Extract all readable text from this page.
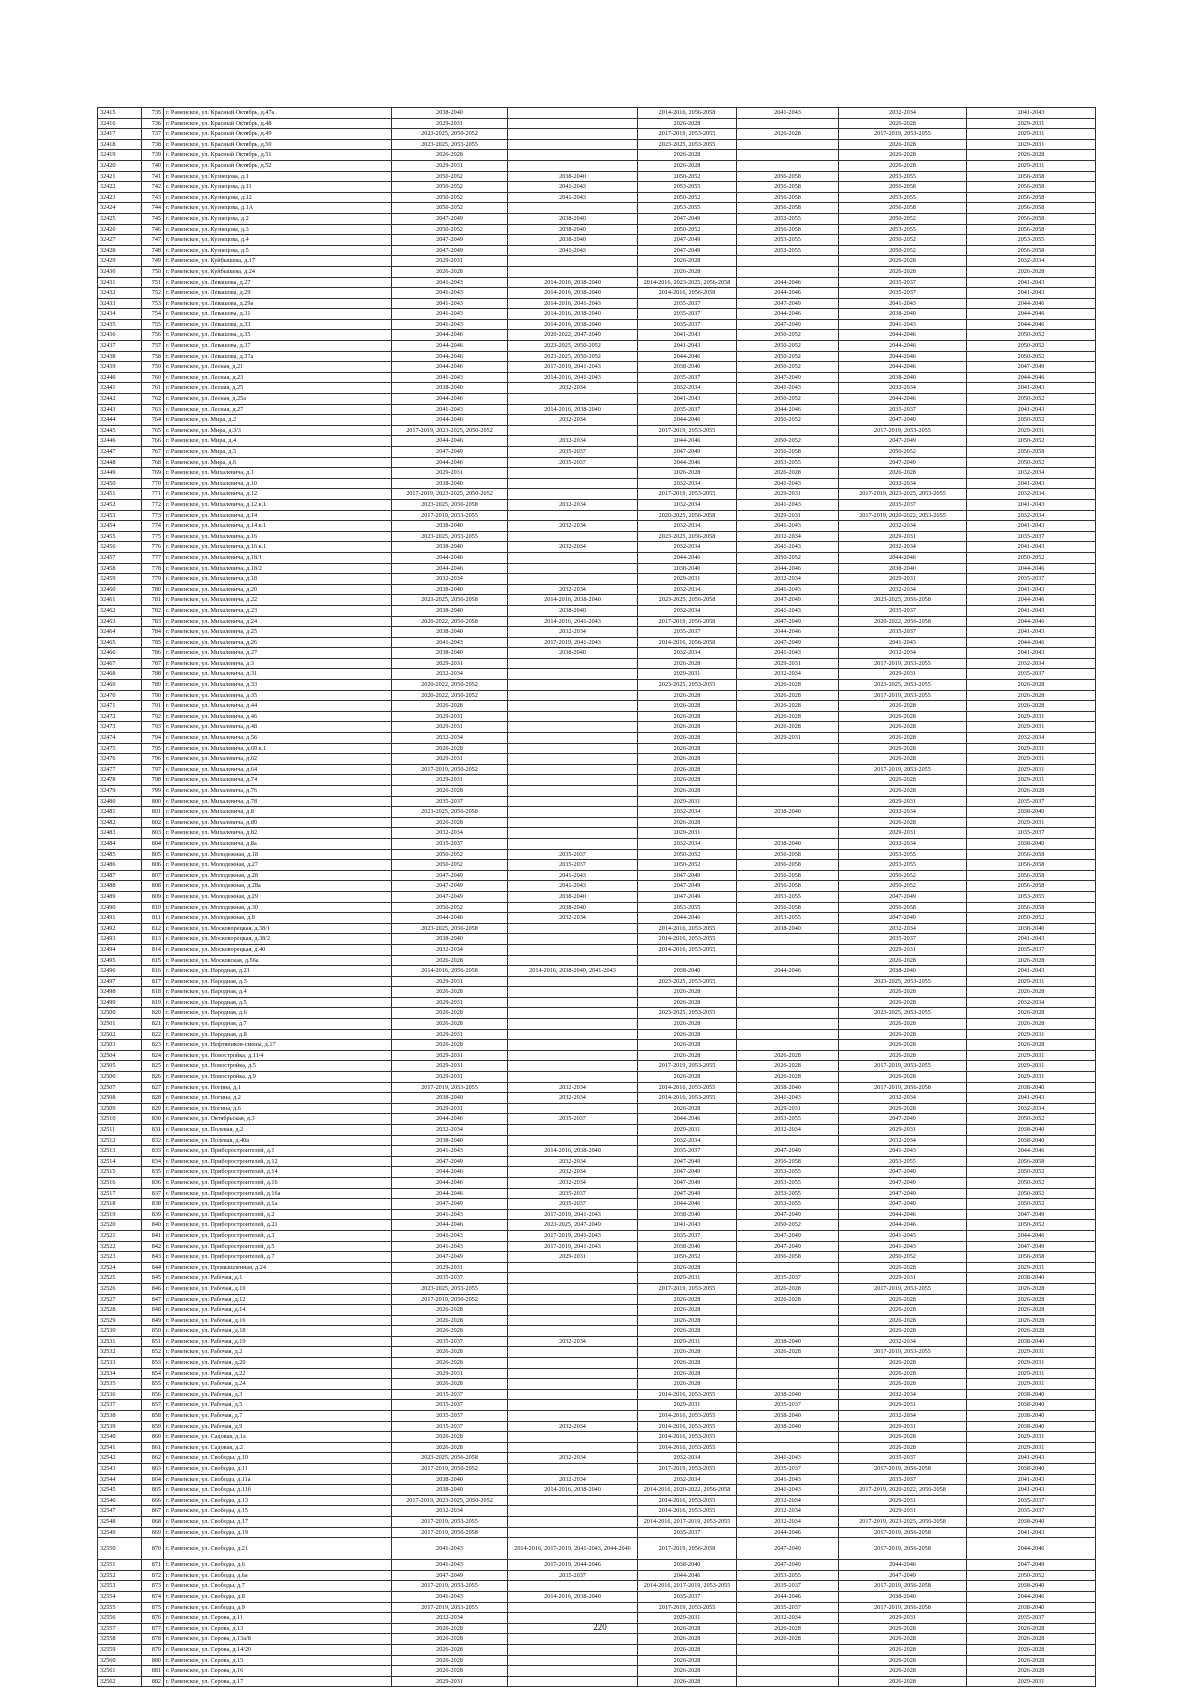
32415	735	г. Раменское, ул. Красный Октябрь, д.47а	2038-2040		2014-2016, 2056-2058	2041-2043	2032-2034	2041-2043
32416	736	г. Раменское, ул. Красный Октябрь, д.48	2029-2031		2026-2028		2026-2028	2029-2031
32417	737	г. Раменское, ул. Красный Октябрь, д.49	2023-2025, 2050-2052		2017-2019, 2053-2055	2026-2028	2017-2019, 2053-2055	2029-2031
32418	738	г. Раменское, ул. Красный Октябрь, д.50	2023-2025, 2053-2055		2023-2025, 2053-2055		2026-2028	2029-2031
32419	739	г. Раменское, ул. Красный Октябрь, д.51	2026-2028		2026-2028		2026-2028	2026-2028
32420	740	г. Раменское, ул. Красный Октябрь, д.52	2029-2031		2026-2028		2026-2028	2029-2031
32421	741	г. Раменское, ул. Кузнецова, д.1	2050-2052	2038-2040	2050-2052	2056-2058	2053-2055	2056-2058
32422	742	г. Раменское, ул. Кузнецова, д.11	2050-2052	2041-2043	2053-2055	2056-2058	2056-2058	2056-2058
32423	743	г. Раменское, ул. Кузнецова, д.12	2050-2052	2041-2043	2050-2052	2056-2058	2053-2055	2056-2058
32424	744	г. Раменское, ул. Кузнецова, д.1А	2050-2052		2053-2055	2056-2058	2056-2058	2056-2058
32425	745	г. Раменское, ул. Кузнецова, д.2	2047-2049	2038-2040	2047-2049	2053-2055	2050-2052	2056-2058
32426	746	г. Раменское, ул. Кузнецова, д.3	2050-2052	2038-2040	2050-2052	2056-2058	2053-2055	2056-2058
32427	747	г. Раменское, ул. Кузнецова, д.4	2047-2049	2038-2040	2047-2049	2053-2055	2050-2052	2053-2055
32428	748	г. Раменское, ул. Кузнецова, д.5	2047-2049	2041-2043	2047-2049	2053-2055	2050-2052	2056-2058
32429	749	г. Раменское, ул. Куйбышева, д.17	2029-2031		2026-2028		2026-2028	2032-2034
32430	750	г. Раменское, ул. Куйбышева, д.24	2026-2028		2026-2028		2026-2028	2026-2028
32431	751	г. Раменское, ул. Левашова, д.27	2041-2043	2014-2016, 2038-2040	2014-2016, 2023-2025, 2056-2058	2044-2046	2035-2037	2041-2043
32432	752	г. Раменское, ул. Левашова, д.29	2041-2043	2014-2016, 2038-2040	2014-2016, 2056-2058	2044-2046	2035-2037	2041-2043
32433	753	г. Раменское, ул. Левашова, д.29а	2041-2043	2014-2016, 2041-2043	2035-2037	2047-2049	2041-2043	2044-2046
32434	754	г. Раменское, ул. Левашова, д.31	2041-2043	2014-2016, 2038-2040	2035-2037	2044-2046	2038-2040	2044-2046
32435	755	г. Раменское, ул. Левашова, д.33	2041-2043	2014-2016, 2038-2040	2035-2037	2047-2049	2041-2043	2044-2046
32436	756	г. Раменское, ул. Левашова, д.35	2044-2046	2020-2022, 2047-2049	2041-2043	2050-2052	2044-2046	2050-2052
32437	757	г. Раменское, ул. Левашова, д.37	2044-2046	2023-2025, 2050-2052	2041-2043	2050-2052	2044-2046	2050-2052
32438	758	г. Раменское, ул. Левашова, д.37а	2044-2046	2023-2025, 2050-2052	2044-2046	2050-2052	2044-2046	2050-2052
32439	759	г. Раменское, ул. Лесная, д.21	2044-2046	2017-2019, 2041-2043	2038-2040	2050-2052	2044-2046	2047-2049
32440	760	г. Раменское, ул. Лесная, д.23	2041-2043	2014-2016, 2041-2043	2035-2037	2047-2049	2038-2040	2044-2046
32441	761	г. Раменское, ул. Лесная, д.25	2038-2040	2032-2034	2032-2034	2041-2043	2032-2034	2041-2043
32442	762	г. Раменское, ул. Лесная, д.25а	2044-2046		2041-2043	2050-2052	2044-2046	2050-2052
32443	763	г. Раменское, ул. Лесная, д.27	2041-2043	2014-2016, 2038-2040	2035-2037	2044-2046	2035-2037	2041-2043
32444	764	г. Раменское, ул. Мира, д.2	2044-2046	2032-2034	2044-2046	2050-2052	2047-2049	2050-2052
32445	765	г. Раменское, ул. Мира, д.3/3	2017-2019, 2023-2025, 2050-2052		2017-2019, 2053-2055		2017-2019, 2053-2055	2029-2031
32446	766	г. Раменское, ул. Мира, д.4	2044-2046	2032-2034	2044-2046	2050-2052	2047-2049	2050-2052
32447	767	г. Раменское, ул. Мира, д.5	2047-2049	2035-2037	2047-2049	2056-2058	2050-2052	2056-2058
32448	768	г. Раменское, ул. Мира, д.6	2044-2046	2035-2037	2044-2046	2053-2055	2047-2049	2050-2052
32449	769	г. Раменское, ул. Михалевича, д.1	2029-2031		2026-2028	2026-2028	2026-2028	2032-2034
32450	770	г. Раменское, ул. Михалевича, д.10	2038-2040		2032-2034	2041-2043	2032-2034	2041-2043
32451	771	г. Раменское, ул. Михалевича, д.12	2017-2019, 2023-2025, 2050-2052		2017-2019, 2053-2055	2029-2031	2017-2019, 2023-2025, 2053-2055	2032-2034
32452	772	г. Раменское, ул. Михалевича, д.12 к.1	2023-2025, 2056-2058	2032-2034	2032-2034	2041-2043	2035-2037	2041-2043
32453	773	г. Раменское, ул. Михалевича, д.14	2017-2019, 2053-2055		2020-2025, 2056-2058	2029-2031	2017-2019, 2020-2022, 2053-2055	2032-2034
32454	774	г. Раменское, ул. Михалевича, д.14 к.1	2038-2040	2032-2034	2032-2034	2041-2043	2032-2034	2041-2043
32455	775	г. Раменское, ул. Михалевича, д.16	2023-2025, 2053-2055		2023-2025, 2056-2058	2032-2034	2029-2031	2035-2037
32456	776	г. Раменское, ул. Михалевича, д.16 к.1	2038-2040	2032-2034	2032-2034	2041-2043	2032-2034	2041-2043
32457	777	г. Раменское, ул. Михалевича, д.18/1	2044-2046		2044-2046	2050-2052	2044-2046	2050-2052
32458	778	г. Раменское, ул. Михалевича, д.18/2	2044-2046		2038-2040	2044-2046	2038-2040	2044-2046
32459	779	г. Раменское, ул. Михалевича, д.18	2032-2034		2029-2031	2032-2034	2029-2031	2035-2037
32460	780	г. Раменское, ул. Михалевича, д.20	2038-2040	2032-2034	2032-2034	2041-2043	2032-2034	2041-2043
32461	781	г. Раменское, ул. Михалевича, д.22	2023-2025, 2056-2058	2014-2016, 2038-2040	2023-2025, 2056-2058	2047-2049	2023-2025, 2056-2058	2044-2046
32462	782	г. Раменское, ул. Михалевича, д.23	2038-2040	2038-2040	2032-2034	2041-2043	2035-2037	2041-2043
32463	783	г. Раменское, ул. Михалевича, д.24	2020-2022, 2056-2058	2014-2016, 2041-2043	2017-2019, 2056-2058	2047-2049	2020-2022, 2056-2058	2044-2046
32464	784	г. Раменское, ул. Михалевича, д.25	2038-2040	2032-2034	2035-2037	2044-2046	2035-2037	2041-2043
32465	785	г. Раменское, ул. Михалевича, д.26	2041-2043	2017-2019, 2041-2043	2014-2016, 2056-2058	2047-2049	2041-2043	2044-2046
32466	786	г. Раменское, ул. Михалевича, д.27	2038-2040	2038-2040	2032-2034	2041-2043	2032-2034	2041-2043
32467	787	г. Раменское, ул. Михалевича, д.3	2029-2031		2026-2028	2029-2031	2017-2019, 2053-2055	2032-2034
32468	788	г. Раменское, ул. Михалевича, д.31	2032-2034		2029-2031	2032-2034	2029-2031	2035-2037
32469	789	г. Раменское, ул. Михалевича, д.33	2020-2022, 2050-2052		2023-2025, 2053-2055	2026-2028	2023-2025, 2053-2055	2026-2028
32470	790	г. Раменское, ул. Михалевича, д.35	2020-2022, 2050-2052		2026-2028	2026-2028	2017-2019, 2053-2055	2026-2028
32471	791	г. Раменское, ул. Михалевича, д.44	2026-2028		2026-2028	2026-2028	2026-2028	2026-2028
32472	792	г. Раменское, ул. Михалевича, д.46	2029-2031		2026-2028	2026-2028	2026-2028	2029-2031
32473	793	г. Раменское, ул. Михалевича, д.48	2029-2031		2026-2028	2026-2028	2026-2028	2029-2031
32474	794	г. Раменское, ул. Михалевича, д.56	2032-2034		2026-2028	2029-2031	2026-2028	2032-2034
32475	795	г. Раменское, ул. Михалевича, д.60 к.1	2026-2028		2026-2028		2026-2028	2029-2031
32476	796	г. Раменское, ул. Михалевича, д.62	2029-2031		2026-2028		2026-2028	2029-2031
32477	797	г. Раменское, ул. Михалевича, д.64	2017-2019, 2050-2052		2026-2028		2017-2019, 2053-2055	2029-2031
32478	798	г. Раменское, ул. Михалевича, д.74	2029-2031		2026-2028		2026-2028	2029-2031
32479	799	г. Раменское, ул. Михалевича, д.76	2026-2028		2026-2028		2026-2028	2026-2028
32480	800	г. Раменское, ул. Михалевича, д.78	2035-2037		2029-2031		2029-2031	2035-2037
32481	801	г. Раменское, ул. Михалевича, д.8	2023-2025, 2056-2058		2032-2034	2038-2040	2032-2034	2038-2040
32482	802	г. Раменское, ул. Михалевича, д.80	2026-2028		2026-2028		2026-2028	2029-2031
32483	803	г. Раменское, ул. Михалевича, д.82	2032-2034		2029-2031		2029-2031	2035-2037
32484	804	г. Раменское, ул. Михалевича, д.8а	2035-2037		2032-2034	2038-2040	2032-2034	2038-2040
32485	805	г. Раменское, ул. Молодежная, д.18	2050-2052	2035-2037	2050-2052	2056-2058	2053-2055	2056-2058
32486	806	г. Раменское, ул. Молодежная, д.27	2050-2052	2035-2037	2050-2052	2056-2058	2053-2055	2056-2058
32487	807	г. Раменское, ул. Молодежная, д.28	2047-2049	2041-2043	2047-2049	2056-2058	2050-2052	2056-2058
32488	808	г. Раменское, ул. Молодежная, д.28а	2047-2049	2041-2043	2047-2049	2056-2058	2050-2052	2056-2058
32489	809	г. Раменское, ул. Молодежная, д.29	2047-2049	2038-2040	2047-2049	2053-2055	2047-2049	2053-2055
32490	810	г. Раменское, ул. Молодежная, д.30	2050-2052	2038-2040	2053-2055	2056-2058	2056-2058	2056-2058
32491	811	г. Раменское, ул. Молодежная, д.8	2044-2046	2032-2034	2044-2046	2053-2055	2047-2049	2050-2052
32492	812	г. Раменское, ул. Московорецкая, д.38/1	2023-2025, 2056-2058		2014-2016, 2053-2055	2038-2040	2032-2034	2038-2040
32493	813	г. Раменское, ул. Московорецкая, д.38/2	2038-2040		2014-2016, 2053-2055		2035-2037	2041-2043
32494	814	г. Раменское, ул. Московорецкая, д.40	2032-2034		2014-2016, 2053-2055		2029-2031	2035-2037
32495	815	г. Раменское, ул. Московская, д.56а	2026-2028				2026-2028	2026-2028
32496	816	г. Раменское, ул. Народная, д.21	2014-2016, 2056-2058	2014-2016, 2038-2040, 2041-2043	2038-2040	2044-2046	2038-2040	2041-2043
32497	817	г. Раменское, ул. Народная, д.3	2029-2031		2023-2025, 2053-2055		2023-2025, 2053-2055	2029-2031
32498	818	г. Раменское, ул. Народная, д.4	2026-2028		2026-2028		2026-2028	2026-2028
32499	819	г. Раменское, ул. Народная, д.5	2029-2031		2026-2028		2026-2028	2032-2034
32500	820	г. Раменское, ул. Народная, д.6	2026-2028		2023-2025, 2053-2055		2023-2025, 2053-2055	2026-2028
32501	821	г. Раменское, ул. Народная, д.7	2026-2028		2026-2028		2026-2028	2026-2028
32502	822	г. Раменское, ул. Народная, д.8	2029-2031		2026-2028		2026-2028	2029-2031
32503	823	г. Раменское, ул. Нефтяников-смены, д.17	2026-2028		2026-2028		2026-2028	2026-2028
32504	824	г. Раменское, ул. Новостройка, д.11/4	2029-2031		2026-2028	2026-2028	2026-2028	2029-2031
32505	825	г. Раменское, ул. Новостройка, д.5	2029-2031		2017-2019, 2053-2055	2026-2028	2017-2019, 2053-2055	2029-2031
32506	826	г. Раменское, ул. Новостройка, д.9	2029-2031		2026-2028	2026-2028	2026-2028	2029-2031
32507	827	г. Раменское, ул. Ногина, д.1	2017-2019, 2053-2055	2032-2034	2014-2016, 2053-2055	2038-2040	2017-2019, 2056-2058	2038-2040
32508	828	г. Раменское, ул. Ногина, д.2	2038-2040	2032-2034	2014-2016, 2053-2055	2041-2043	2032-2034	2041-2043
32509	829	г. Раменское, ул. Ногина, д.6	2029-2031		2026-2028	2029-2031	2026-2028	2032-2034
32510	830	г. Раменское, ул. Октябрьская, д.3	2044-2046	2035-2037	2044-2046	2053-2055	2047-2049	2050-2052
32511	831	г. Раменское, ул. Полевая, д.2	2032-2034		2029-2031	2032-2034	2029-2031	2038-2040
32512	832	г. Раменское, ул. Полевая, д.40а	2038-2040		2032-2034		2032-2034	2038-2040
32513	833	г. Раменское, ул. Приборостроителей, д.1	2041-2043	2014-2016, 2038-2040	2035-2037	2047-2049	2041-2043	2044-2046
32514	834	г. Раменское, ул. Приборостроителей, д.12	2047-2049	2032-2034	2047-2049	2056-2058	2053-2055	2056-2058
32515	835	г. Раменское, ул. Приборостроителей, д.14	2044-2046	2032-2034	2047-2049	2053-2055	2047-2049	2050-2052
32516	836	г. Раменское, ул. Приборостроителей, д.16	2044-2046	2032-2034	2047-2049	2053-2055	2047-2049	2050-2052
32517	837	г. Раменское, ул. Приборостроителей, д.16а	2044-2046	2035-2037	2047-2049	2053-2055	2047-2049	2050-2052
32518	838	г. Раменское, ул. Приборостроителей, д.1а	2047-2049	2035-2037	2044-2046	2053-2055	2047-2049	2050-2052
32519	839	г. Раменское, ул. Приборостроителей, д.2	2041-2043	2017-2019, 2041-2043	2038-2040	2047-2049	2044-2046	2047-2049
32520	840	г. Раменское, ул. Приборостроителей, д.21	2044-2046	2023-2025, 2047-2049	2041-2043	2050-2052	2044-2046	2050-2052
32521	841	г. Раменское, ул. Приборостроителей, д.3	2041-2043	2017-2019, 2041-2043	2035-2037	2047-2049	2041-2043	2044-2046
32522	842	г. Раменское, ул. Приборостроителей, д.5	2041-2043	2017-2019, 2041-2043	2038-2040	2047-2049	2041-2043	2047-2049
32523	843	г. Раменское, ул. Приборостроителей, д.7	2047-2049	2029-2031	2050-2052	2056-2058	2050-2052	2056-2058
32524	844	г. Раменское, ул. Промышленная, д.24	2029-2031		2026-2028		2026-2028	2029-2031
32525	845	г. Раменское, ул. Рабочая, д.1	2035-2037		2029-2031	2035-2037	2029-2031	2038-2040
32526	846	г. Раменское, ул. Рабочая, д.10	2023-2025, 2053-2055		2017-2019, 2053-2055	2026-2028	2017-2019, 2053-2055	2026-2028
32527	847	г. Раменское, ул. Рабочая, д.12	2017-2019, 2050-2052		2026-2028	2026-2028	2026-2028	2026-2028
32528	848	г. Раменское, ул. Рабочая, д.14	2026-2028		2026-2028		2026-2028	2026-2028
32529	849	г. Раменское, ул. Рабочая, д.16	2026-2028		2026-2028		2026-2028	2026-2028
32530	850	г. Раменское, ул. Рабочая, д.18	2026-2028		2026-2028		2026-2028	2026-2028
32531	851	г. Раменское, ул. Рабочая, д.19	2035-2037	2032-2034	2029-2031	2038-2040	2032-2034	2038-2040
32532	852	г. Раменское, ул. Рабочая, д.2	2026-2028		2026-2028	2026-2028	2017-2019, 2053-2055	2029-2031
32533	853	г. Раменское, ул. Рабочая, д.20	2026-2028		2026-2028		2026-2028	2029-2031
32534	854	г. Раменское, ул. Рабочая, д.22	2029-2031		2026-2028		2026-2028	2029-2031
32535	855	г. Раменское, ул. Рабочая, д.24	2026-2028		2026-2028		2026-2028	2029-2031
32536	856	г. Раменское, ул. Рабочая, д.3	2035-2037		2014-2016, 2053-2055	2038-2040	2032-2034	2038-2040
32537	857	г. Раменское, ул. Рабочая, д.5	2035-2037		2029-2031	2035-2037	2029-2031	2038-2040
32538	858	г. Раменское, ул. Рабочая, д.7	2035-2037		2014-2016, 2053-2055	2038-2040	2032-2034	2038-2040
32539	859	г. Раменское, ул. Рабочая, д.9	2035-2037	2032-2034	2014-2016, 2053-2055	2038-2040	2029-2031	2038-2040
32540	860	г. Раменское, ул. Садовая, д.1а	2026-2028		2014-2016, 2053-2055		2026-2028	2029-2031
32541	861	г. Раменское, ул. Садовая, д.2	2026-2028		2014-2016, 2053-2055		2026-2028	2029-2031
32542	862	г. Раменское, ул. Свободы, д.10	2023-2025, 2056-2058	2032-2034	2032-2034	2041-2043	2035-2037	2041-2043
32543	863	г. Раменское, ул. Свободы, д.11	2017-2019, 2050-2052		2017-2019, 2053-2055	2035-2037	2017-2019, 2056-2058	2038-2040
32544	864	г. Раменское, ул. Свободы, д.11а	2038-2040	2032-2034	2032-2034	2041-2043	2035-2037	2041-2043
32545	865	г. Раменское, ул. Свободы, д.11б	2038-2040	2014-2016, 2038-2040	2014-2016, 2020-2022, 2056-2058	2041-2043	2017-2019, 2020-2022, 2056-2058	2041-2043
32546	866	г. Раменское, ул. Свободы, д.13	2017-2019, 2023-2025, 2050-2052		2014-2016, 2053-2055	2032-2034	2029-2031	2035-2037
32547	867	г. Раменское, ул. Свободы, д.15	2032-2034		2014-2016, 2053-2055	2032-2034	2029-2031	2035-2037
32548	868	г. Раменское, ул. Свободы, д.17	2017-2019, 2053-2055		2014-2016, 2017-2019, 2053-2055	2032-2034	2017-2019, 2023-2025, 2056-2058	2038-2040
32549	869	г. Раменское, ул. Свободы, д.19	2017-2019, 2056-2058		2035-2037	2044-2046	2017-2019, 2056-2058	2041-2043
32550	870	г. Раменское, ул. Свободы, д.21	2041-2043	2014-2016, 2017-2019, 2041-2043, 2044-2046	2017-2019, 2056-2058	2047-2049	2017-2019, 2056-2058	2044-2046
32551	871	г. Раменское, ул. Свободы, д.6	2041-2043	2017-2019, 2044-2046	2038-2040	2047-2049	2044-2046	2047-2049
32552	872	г. Раменское, ул. Свободы, д.6а	2047-2049	2035-2037	2044-2046	2053-2055	2047-2049	2050-2052
32553	873	г. Раменское, ул. Свободы, д.7	2017-2019, 2053-2055		2014-2016, 2017-2019, 2053-2055	2035-2037	2017-2019, 2056-2058	2038-2040
32554	874	г. Раменское, ул. Свободы, д.8	2041-2043	2014-2016, 2038-2040	2035-2037	2044-2046	2038-2040	2044-2046
32555	875	г. Раменское, ул. Свободы, д.9	2017-2019, 2053-2055		2017-2019, 2053-2055	2035-2037	2017-2019, 2056-2058	2038-2040
32556	876	г. Раменское, ул. Серова, д.11	2032-2034		2029-2031	2032-2034	2029-2031	2035-2037
32557	877	г. Раменское, ул. Серова, д.13	2026-2028		2026-2028	2026-2028	2026-2028	2026-2028
32558	878	г. Раменское, ул. Серова, д.13а/8	2026-2028		2026-2028	2026-2028	2026-2028	2026-2028
32559	879	г. Раменское, ул. Серова, д.14/20	2026-2028		2026-2028		2026-2028	2026-2028
32560	880	г. Раменское, ул. Серова, д.15	2026-2028		2026-2028		2026-2028	2026-2028
32561	881	г. Раменское, ул. Серова, д.16	2026-2028		2026-2028		2026-2028	2026-2028
32562	882	г. Раменское, ул. Серова, д.17	2029-2031		2026-2028		2026-2028	2029-2031
220
